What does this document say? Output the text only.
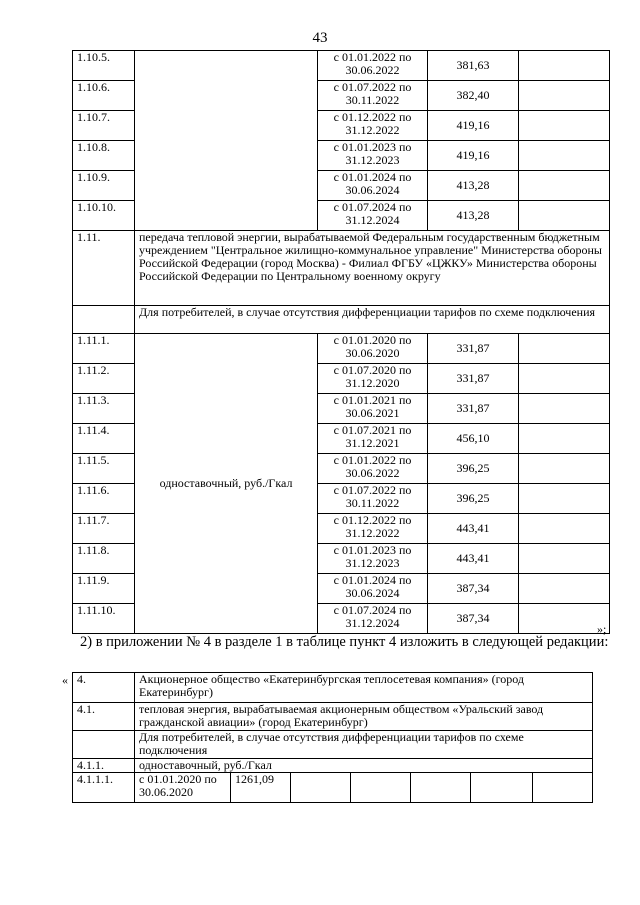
43
1.10.5.		с 01.01.2022 по 30.06.2022	381,63	
1.10.6.		с 01.07.2022 по 30.11.2022	382,40	
1.10.7.		с 01.12.2022 по 31.12.2022	419,16	
1.10.8.		с 01.01.2023 по 31.12.2023	419,16	
1.10.9.		с 01.01.2024 по 30.06.2024	413,28	
1.10.10.		с 01.07.2024 по 31.12.2024	413,28	
1.11.	передача тепловой энергии, вырабатываемой Федеральным государственным бюджетным учреждением "Центральное жилищно-коммунальное управление" Министерства обороны Российской Федерации (город Москва) - Филиал ФГБУ «ЦЖКУ» Министерства обороны Российской Федерации по Центральному военному округу			
	Для потребителей, в случае отсутствия дифференциации тарифов по схеме подключения			
1.11.1.	одноставочный, руб./Гкал	с 01.01.2020 по 30.06.2020	331,87	
1.11.2.		с 01.07.2020 по 31.12.2020	331,87	
1.11.3.		с 01.01.2021 по 30.06.2021	331,87	
1.11.4.		с 01.07.2021 по 31.12.2021	456,10	
1.11.5.		с 01.01.2022 по 30.06.2022	396,25	
1.11.6.		с 01.07.2022 по 30.11.2022	396,25	
1.11.7.		с 01.12.2022 по 31.12.2022	443,41	
1.11.8.		с 01.01.2023 по 31.12.2023	443,41	
1.11.9.		с 01.01.2024 по 30.06.2024	387,34	
1.11.10.		с 01.07.2024 по 31.12.2024	387,34	
»;
2) в приложении № 4 в разделе 1 в таблице пункт 4 изложить в следующей редакции:
« 4.	Акционерное общество «Екатеринбургская теплосетевая компания» (город Екатеринбург)						
4.1.	тепловая энергия, вырабатываемая акционерным обществом «Уральский завод гражданской авиации» (город Екатеринбург)						
	Для потребителей, в случае отсутствия дифференциации тарифов по схеме подключения						
4.1.1.	одноставочный, руб./Гкал						
4.1.1.1.	с 01.01.2020 по 30.06.2020	1261,09					
